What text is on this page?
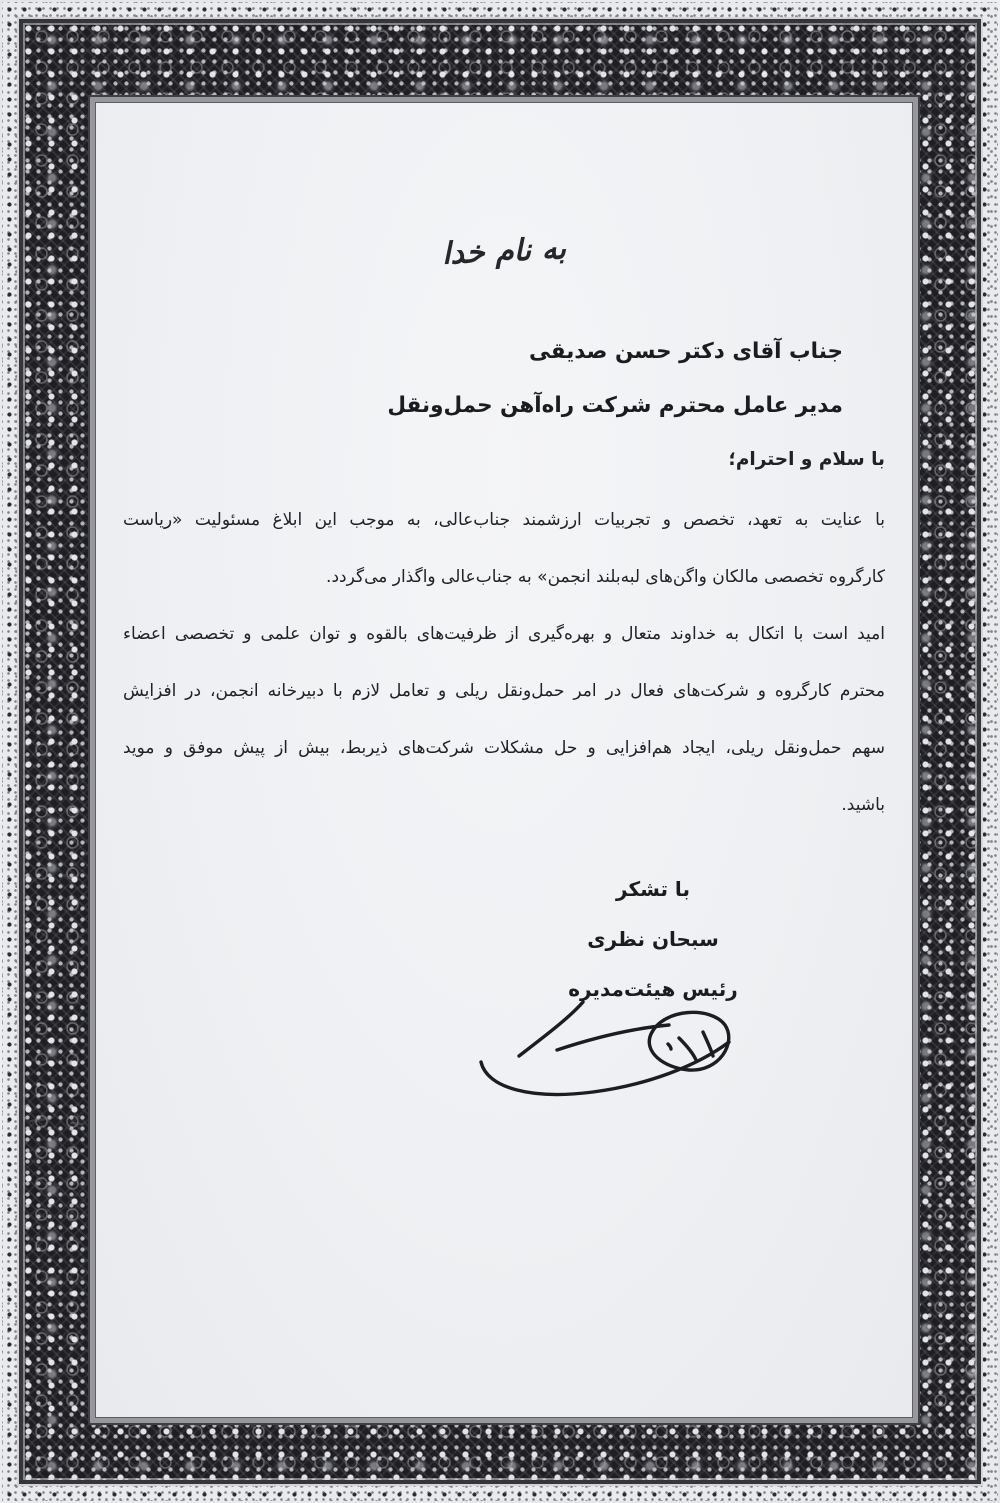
به نام خدا
جناب آقای دکتر حسن صدیقی
مدیر عامل محترم شرکت راه‌آهن حمل‌ونقل
با سلام و احترام؛
با عنایت به تعهد، تخصص و تجربیات ارزشمند جناب‌عالی، به موجب این ابلاغ مسئولیت «ریاست
کارگروه تخصصی مالکان واگن‌های لبه‌بلند انجمن» به جناب‌عالی واگذار می‌گردد.
امید است با اتکال به خداوند متعال و بهره‌گیری از ظرفیت‌های بالقوه و توان علمی و تخصصی اعضاء
محترم کارگروه و شرکت‌های فعال در امر حمل‌ونقل ریلی و تعامل لازم با دبیرخانه انجمن، در افزایش
سهم حمل‌ونقل ریلی، ایجاد هم‌افزایی و حل مشکلات شرکت‌های ذیربط، بیش از پیش موفق و موید
باشید.
با تشکر
سبحان نظری
رئیس هیئت‌مدیره
